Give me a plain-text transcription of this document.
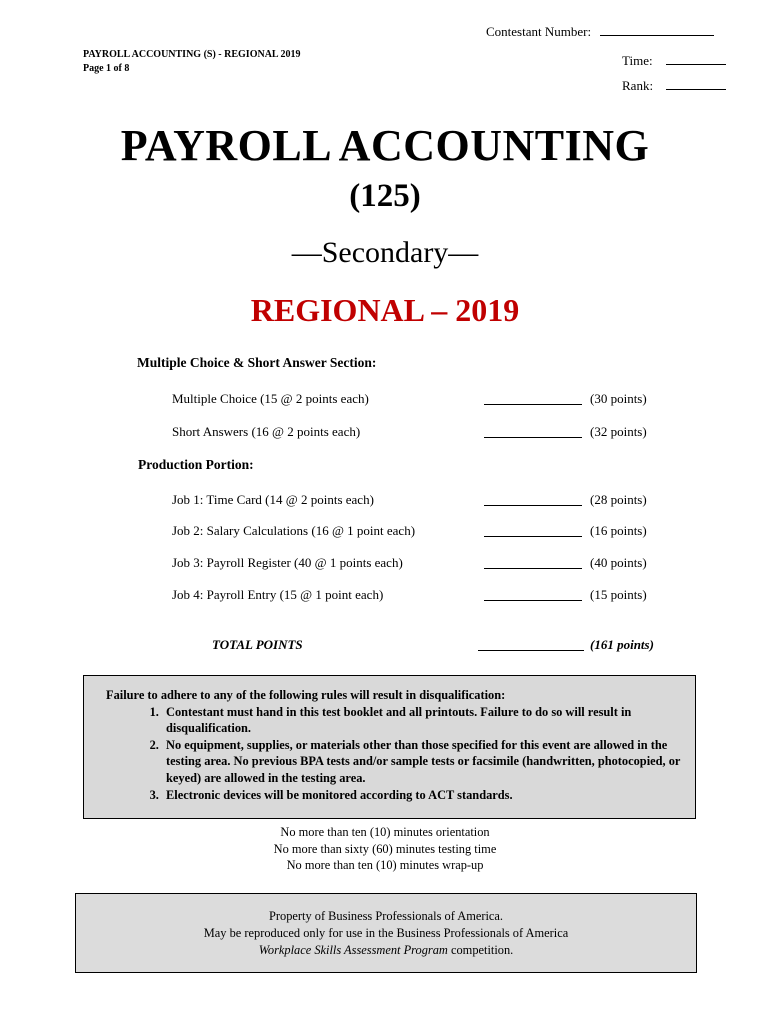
Contestant Number:
Time:
Rank:
PAYROLL ACCOUNTING (S) - REGIONAL 2019
Page 1 of 8
PAYROLL ACCOUNTING
(125)
—Secondary—
REGIONAL – 2019
Multiple Choice & Short Answer Section:
Multiple Choice (15 @ 2 points each)	(30 points)
Short Answers (16 @ 2 points each)	(32 points)
Production Portion:
Job 1: Time Card (14 @ 2 points each)	(28 points)
Job 2: Salary Calculations (16 @ 1 point each)	(16 points)
Job 3: Payroll Register (40 @ 1 points each)	(40 points)
Job 4: Payroll Entry (15 @ 1 point each)	(15 points)
TOTAL POINTS	(161 points)
Failure to adhere to any of the following rules will result in disqualification:
1. Contestant must hand in this test booklet and all printouts. Failure to do so will result in disqualification.
2. No equipment, supplies, or materials other than those specified for this event are allowed in the testing area. No previous BPA tests and/or sample tests or facsimile (handwritten, photocopied, or keyed) are allowed in the testing area.
3. Electronic devices will be monitored according to ACT standards.
No more than ten (10) minutes orientation
No more than sixty (60) minutes testing time
No more than ten (10) minutes wrap-up
Property of Business Professionals of America.
May be reproduced only for use in the Business Professionals of America
Workplace Skills Assessment Program competition.
